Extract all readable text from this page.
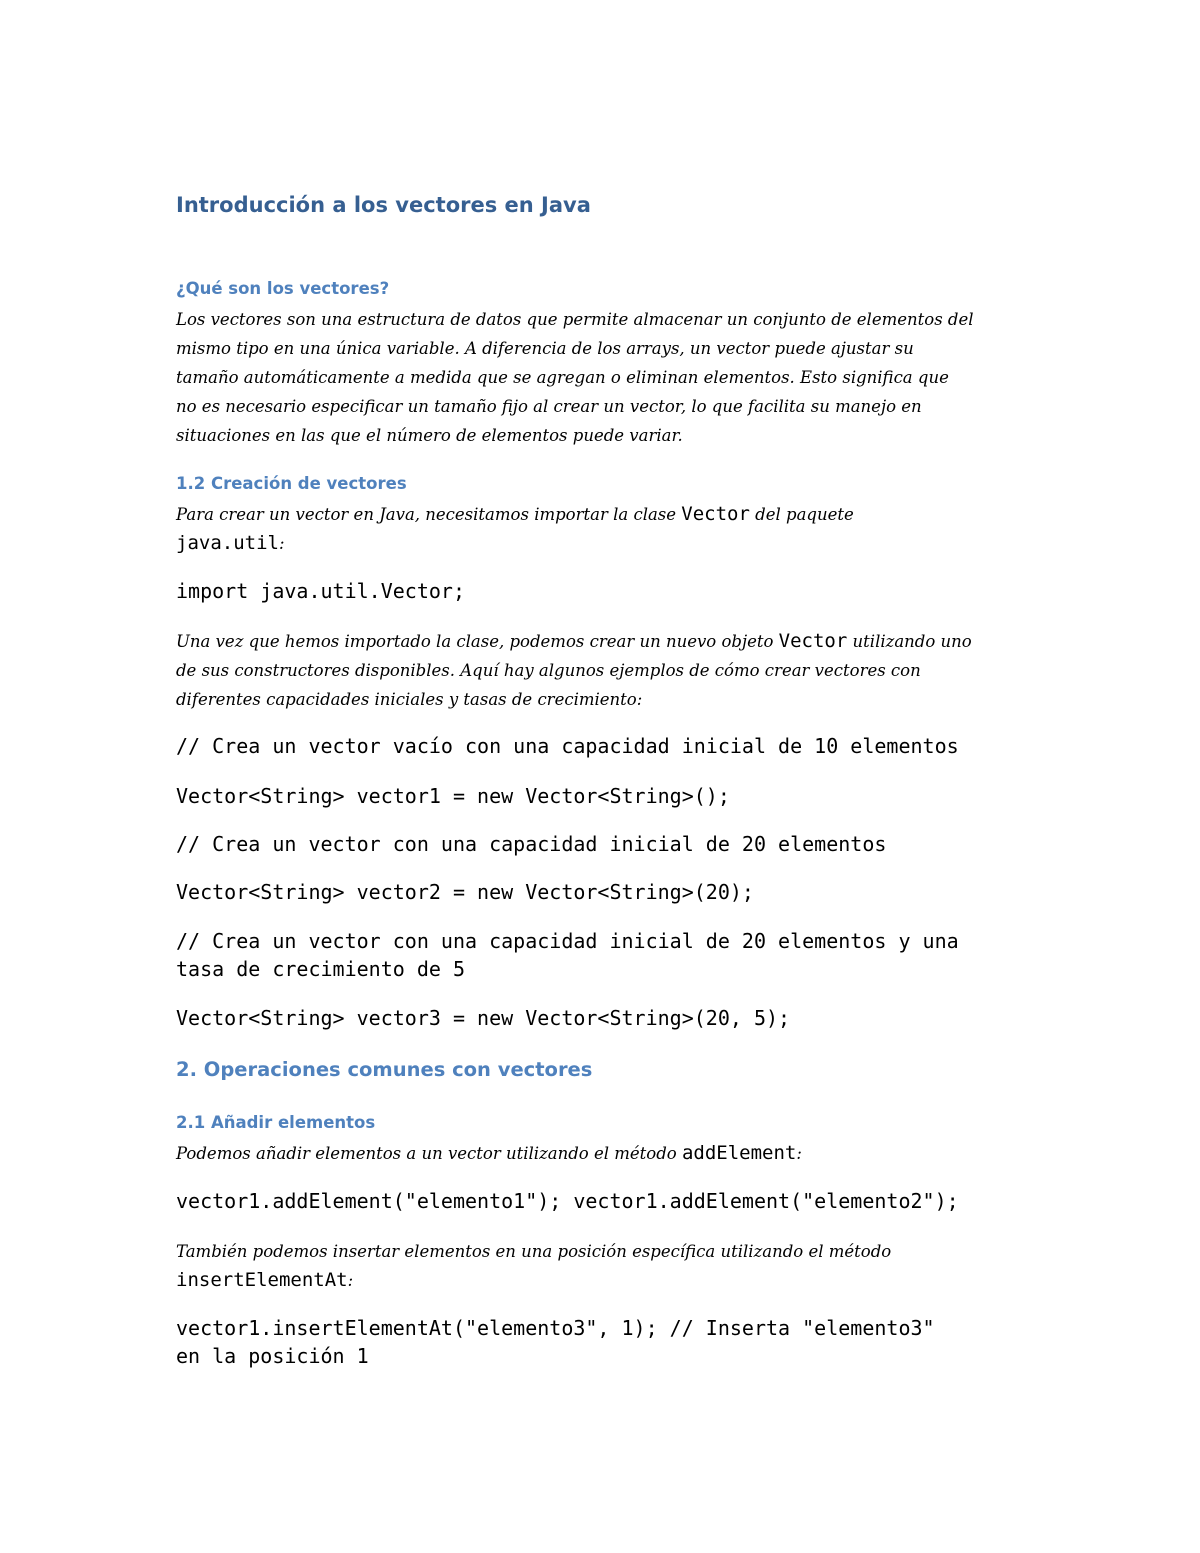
Introducción a los vectores en Java
¿Qué son los vectores?
Los vectores son una estructura de datos que permite almacenar un conjunto de elementos del
mismo tipo en una única variable. A diferencia de los arrays, un vector puede ajustar su
tamaño automáticamente a medida que se agregan o eliminan elementos. Esto significa que
no es necesario especificar un tamaño fijo al crear un vector, lo que facilita su manejo en
situaciones en las que el número de elementos puede variar.
1.2 Creación de vectores
Para crear un vector en Java, necesitamos importar la clase Vector del paquete
java.util:
import java.util.Vector;
Una vez que hemos importado la clase, podemos crear un nuevo objeto Vector utilizando uno
de sus constructores disponibles. Aquí hay algunos ejemplos de cómo crear vectores con
diferentes capacidades iniciales y tasas de crecimiento:
// Crea un vector vacío con una capacidad inicial de 10 elementos
Vector<String> vector1 = new Vector<String>();
// Crea un vector con una capacidad inicial de 20 elementos
Vector<String> vector2 = new Vector<String>(20);
// Crea un vector con una capacidad inicial de 20 elementos y una
tasa de crecimiento de 5
Vector<String> vector3 = new Vector<String>(20, 5);
2. Operaciones comunes con vectores
2.1 Añadir elementos
Podemos añadir elementos a un vector utilizando el método addElement:
vector1.addElement("elemento1"); vector1.addElement("elemento2");
También podemos insertar elementos en una posición específica utilizando el método
insertElementAt:
vector1.insertElementAt("elemento3", 1); // Inserta "elemento3"
en la posición 1
